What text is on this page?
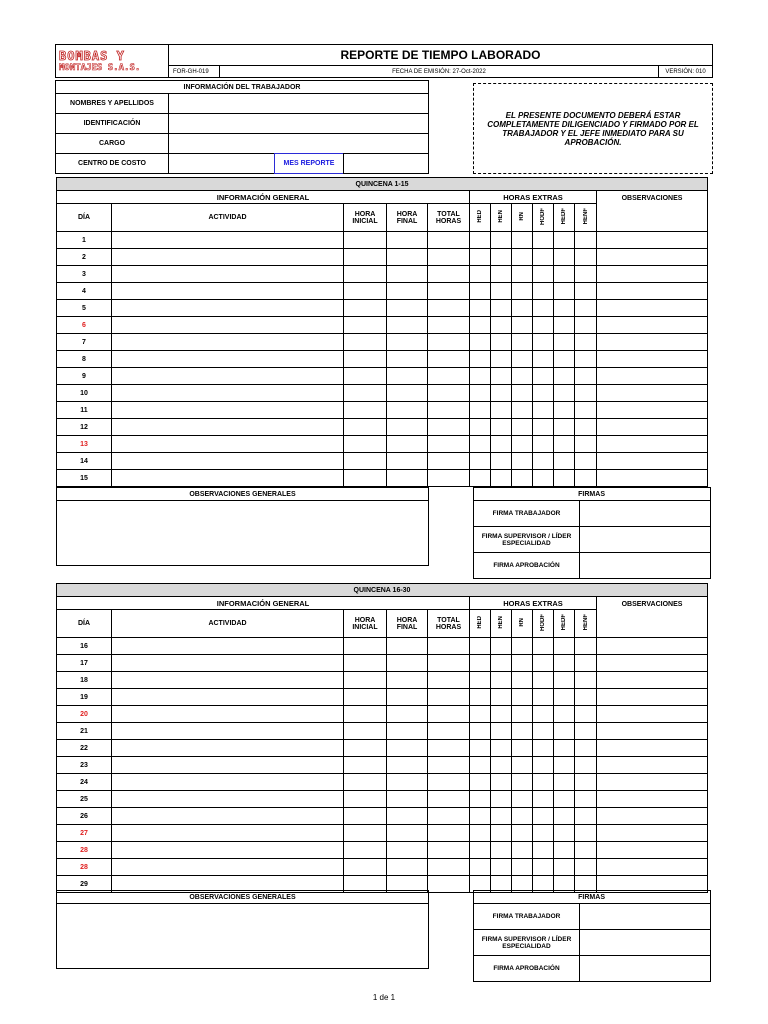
BOMBAS Y
MONTAJES S.A.S.
REPORTE DE TIEMPO LABORADO
FOR-GH-019	FECHA DE EMISIÓN: 27-Oct-2022	VERSIÓN: 010
INFORMACIÓN DEL TRABAJADOR
NOMBRES Y APELLIDOS
IDENTIFICACIÓN
CARGO
CENTRO DE COSTO	MES REPORTE
EL PRESENTE DOCUMENTO DEBERÁ ESTAR COMPLETAMENTE DILIGENCIADO Y FIRMADO POR EL TRABAJADOR Y EL JEFE INMEDIATO PARA SU APROBACIÓN.
QUINCENA 1-15											
INFORMACIÓN GENERAL					HORAS EXTRAS						OBSERVACIONES
DÍA	ACTIVIDAD	HORA INICIAL	HORA FINAL	TOTAL HORAS	HED	HEN	RN	HODF	HEDF	HENF	
1											
2											
3											
4											
5											
6											
7											
8											
9											
10											
11											
12											
13											
14											
15											
QUINCENA 16-30											
INFORMACIÓN GENERAL					HORAS EXTRAS						OBSERVACIONES
DÍA	ACTIVIDAD	HORA INICIAL	HORA FINAL	TOTAL HORAS	HED	HEN	RN	HODF	HEDF	HENF	
16											
17											
18											
19											
20											
21											
22											
23											
24											
25											
26											
27											
28											
28											
29											
1 de 1
OBSERVACIONES GENERALES	FIRMAS
FIRMA TRABAJADOR
FIRMA SUPERVISOR / LÍDER ESPECIALIDAD
FIRMA APROBACIÓN
OBSERVACIONES GENERALES	FIRMAS
FIRMA TRABAJADOR
FIRMA SUPERVISOR / LÍDER ESPECIALIDAD
FIRMA APROBACIÓN
